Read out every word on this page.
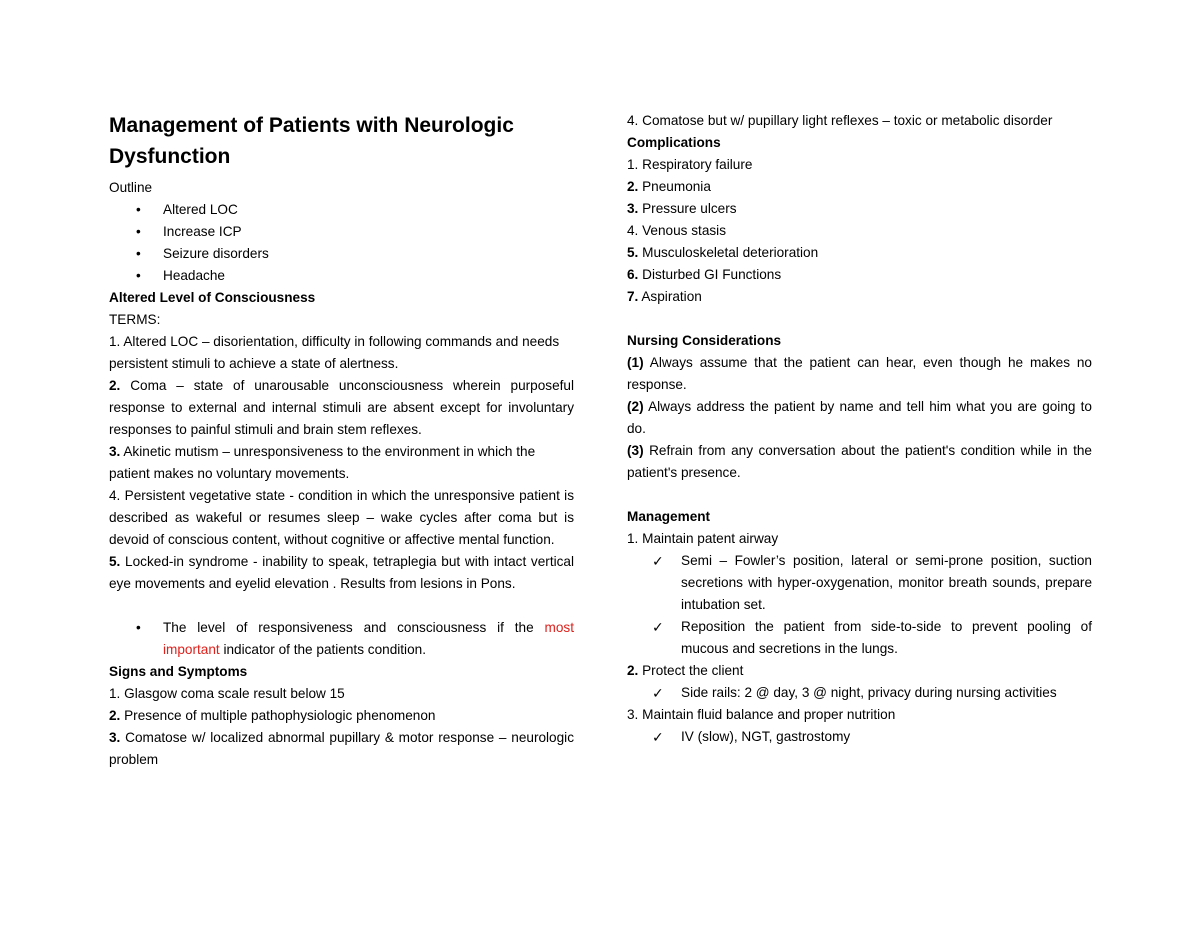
Management of Patients with Neurologic Dysfunction

Outline

• Altered LOC

• Increase ICP

• Seizure disorders

• Headache

Altered Level of Consciousness

TERMS:

1. Altered LOC – disorientation, difficulty in following commands and needs persistent stimuli to achieve a state of alertness.

2. Coma – state of unarousable unconsciousness wherein purposeful response to external and internal stimuli are absent except for involuntary responses to painful stimuli and brain stem reflexes.

3. Akinetic mutism – unresponsiveness to the environment in which the patient makes no voluntary movements.

4. Persistent vegetative state - condition in which the unresponsive patient is described as wakeful or resumes sleep – wake cycles after coma but is devoid of conscious content, without cognitive or affective mental function.

5. Locked-in syndrome - inability to speak, tetraplegia but with intact vertical eye movements and eyelid elevation . Results from lesions in Pons.

• The level of responsiveness and consciousness if the most important indicator of the patients condition.

Signs and Symptoms

1. Glasgow coma scale result below 15

2. Presence of multiple pathophysiologic phenomenon

3. Comatose w/ localized abnormal pupillary & motor response – neurologic problem

4. Comatose but w/ pupillary light reflexes – toxic or metabolic disorder

Complications

1. Respiratory failure

2. Pneumonia

3. Pressure ulcers

4. Venous stasis

5. Musculoskeletal deterioration

6. Disturbed GI Functions

7. Aspiration

Nursing Considerations

(1) Always assume that the patient can hear, even though he makes no response.

(2) Always address the patient by name and tell him what you are going to do.

(3) Refrain from any conversation about the patient's condition while in the patient's presence.

Management

1. Maintain patent airway

✓ Semi – Fowler’s position, lateral or semi-prone position, suction secretions with hyper-oxygenation, monitor breath sounds, prepare intubation set.

✓ Reposition the patient from side-to-side to prevent pooling of mucous and secretions in the lungs.

2. Protect the client

✓ Side rails: 2 @ day, 3 @ night, privacy during nursing activities

3. Maintain fluid balance and proper nutrition

✓ IV (slow), NGT, gastrostomy
